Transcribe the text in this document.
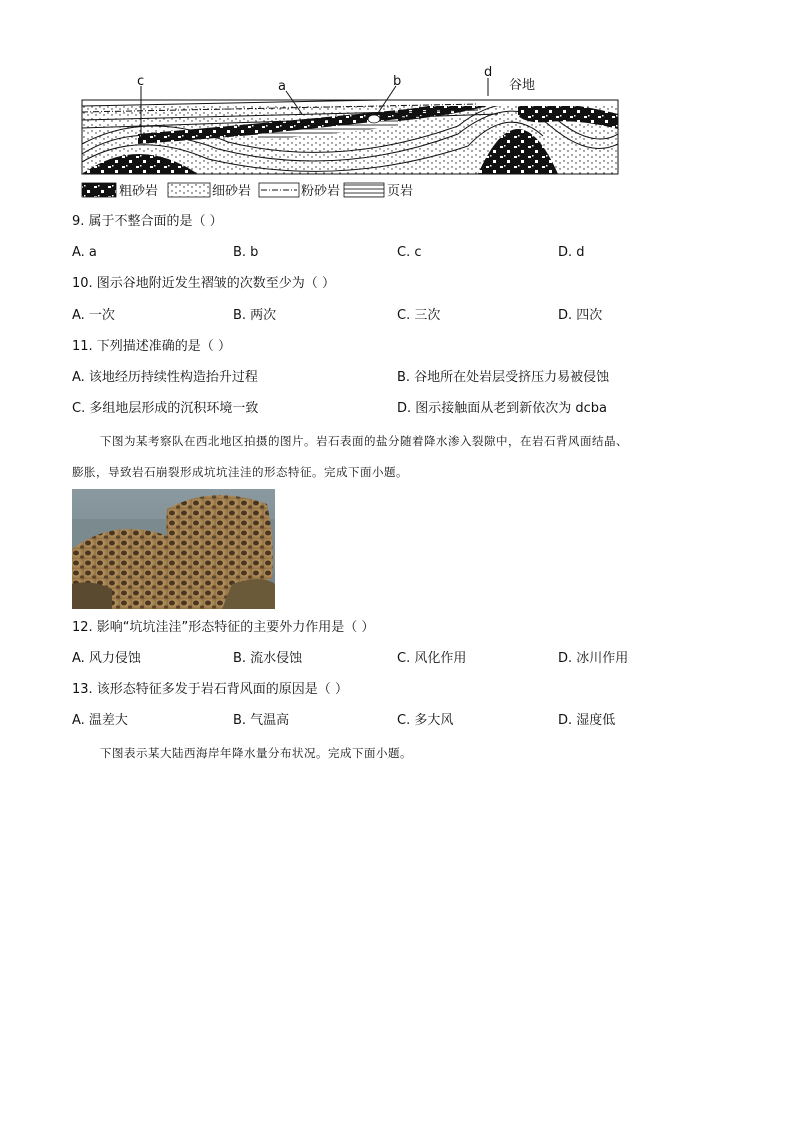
c	a	b
d
谷地
粗砂岩	细砂岩	粉砂岩	页岩
9. 属于不整合面的是（ ）
A. a	B. b	C. c	D. d
10. 图示谷地附近发生褶皱的次数至少为（ ）
A. 一次	B. 两次	C. 三次	D. 四次
11. 下列描述准确的是（ ）
A. 该地经历持续性构造抬升过程	B. 谷地所在处岩层受挤压力易被侵蚀
C. 多组地层形成的沉积环境一致	D. 图示接触面从老到新依次为 dcba
下图为某考察队在西北地区拍摄的图片。岩石表面的盐分随着降水渗入裂隙中，在岩石背风面结晶、
膨胀，导致岩石崩裂形成坑坑洼洼的形态特征。完成下面小题。
12. 影响“坑坑洼洼”形态特征的主要外力作用是（ ）
A. 风力侵蚀	B. 流水侵蚀	C. 风化作用	D. 冰川作用
13. 该形态特征多发于岩石背风面的原因是（ ）
A. 温差大	B. 气温高	C. 多大风	D. 湿度低
下图表示某大陆西海岸年降水量分布状况。完成下面小题。
